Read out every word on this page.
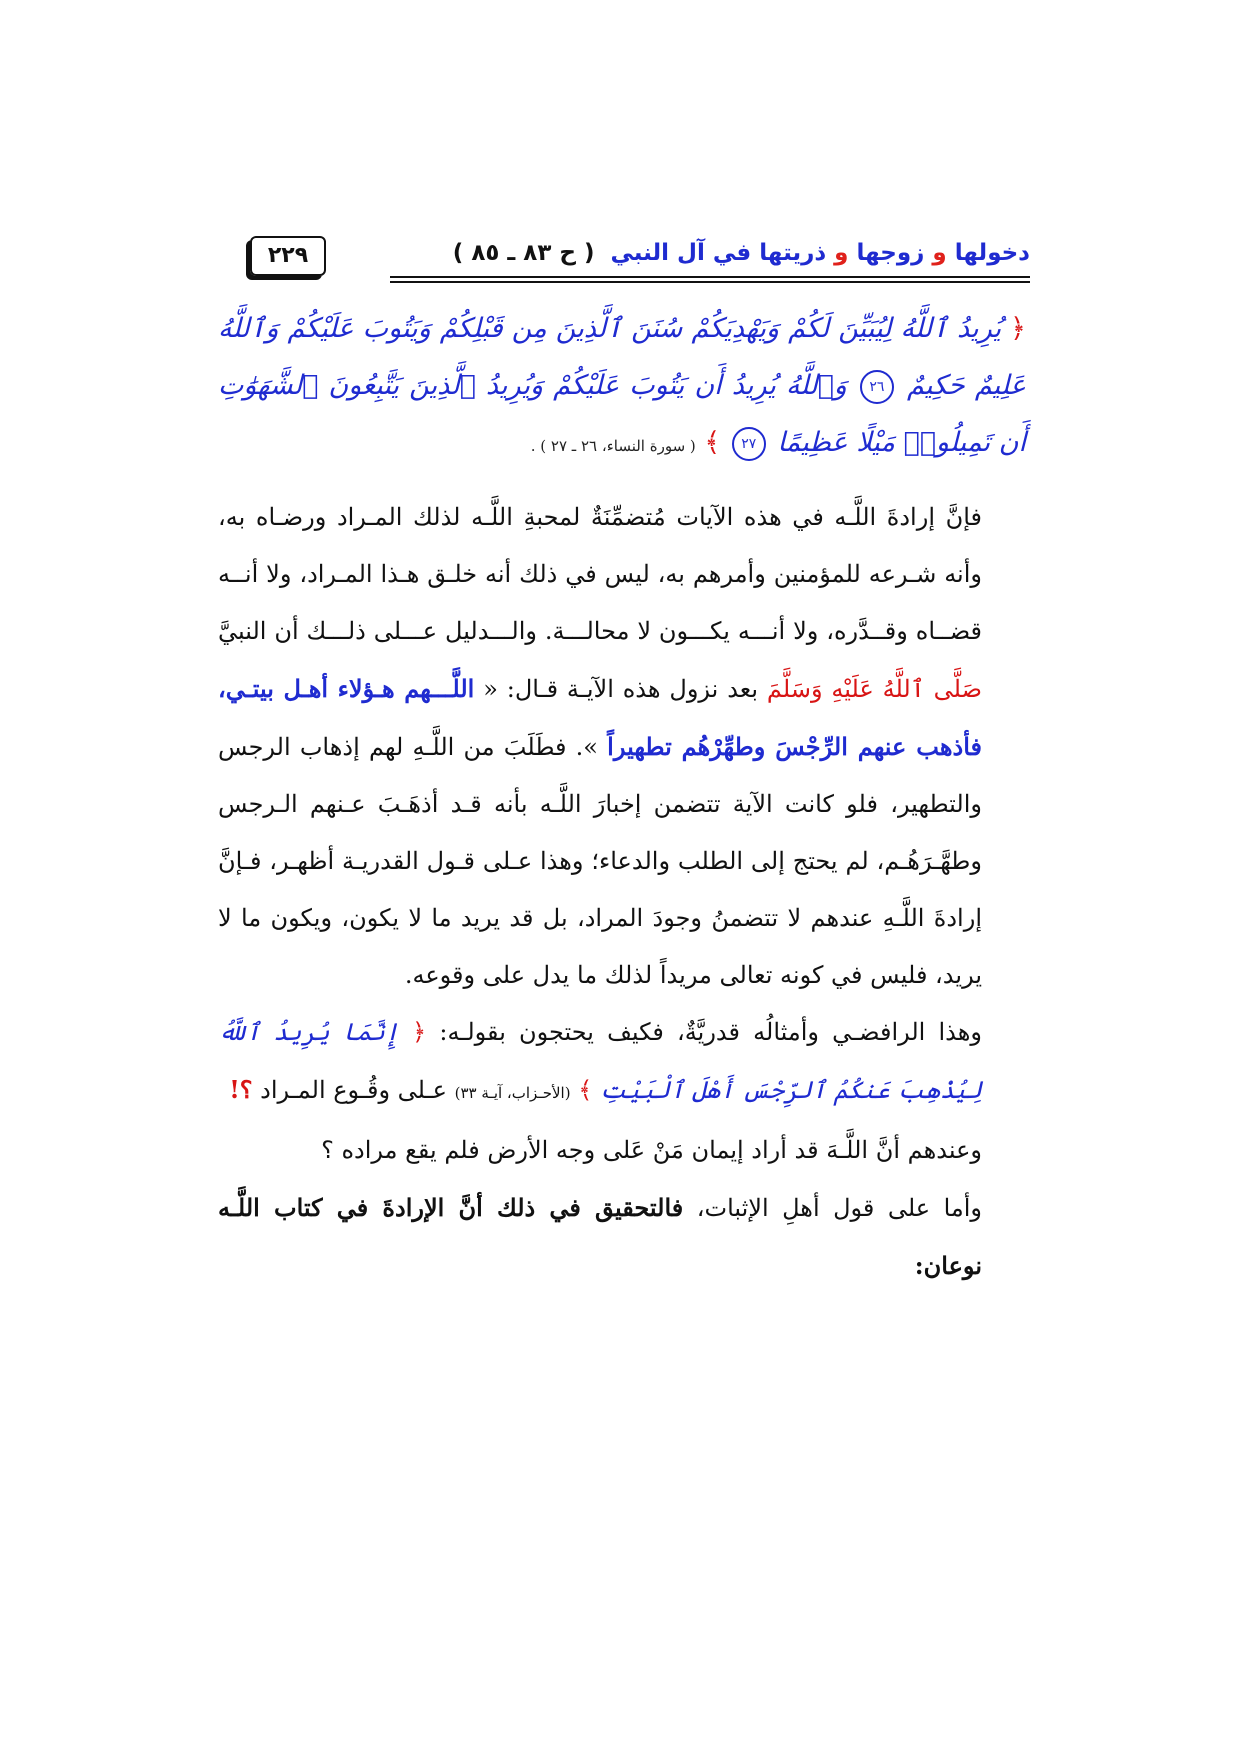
دخولها و زوجها و ذريتها في آل النبي ( ح ٨٣ ـ ٨٥ )
٢٢٩
﴿ يُرِيدُ ٱللَّهُ لِيُبَيِّنَ لَكُمْ وَيَهْدِيَكُمْ سُنَنَ ٱلَّذِينَ مِن قَبْلِكُمْ وَيَتُوبَ عَلَيْكُمْ وَٱللَّهُ عَلِيمٌ حَكِيمٌ ٢٦ وَٱللَّهُ يُرِيدُ أَن يَتُوبَ عَلَيْكُمْ وَيُرِيدُ ٱلَّذِينَ يَتَّبِعُونَ ٱلشَّهَوَٰتِ أَن تَمِيلُوا۟ مَيْلًا عَظِيمًا ٢٧ ﴾ ( سورة النساء، ٢٦ ـ ٢٧ ) .

فإنَّ إرادةَ اللَّـه في هذه الآيات مُتضمِّنَةٌ لمحبةِ اللَّـه لذلك المـراد ورضـاه به، وأنه شـرعه للمؤمنين وأمرهم به، ليس في ذلك أنه خلـق هـذا المـراد، ولا أنــه قضــاه وقــدَّره، ولا أنـــه يكـــون لا محالـــة. والـــدليل عـــلى ذلـــك أن النبيَّ صَلَّى ٱللَّهُ عَلَيْهِ وَسَلَّمَ بعد نزول هذه الآيـة قـال: « اللَّـــهم هـؤلاء أهـل بيتـي، فأذهب عنهم الرِّجْسَ وطهِّرْهُم تطهيراً ». فطَلَبَ من اللَّـهِ لهم إذهاب الرجس والتطهير، فلو كانت الآية تتضمن إخبارَ اللَّـه بأنه قـد أذهَـبَ عـنهم الـرجس وطهَّـرَهُـم، لم يحتج إلى الطلب والدعاء؛ وهذا عـلى قـول القدريـة أظهـر، فـإنَّ إرادةَ اللَّـهِ عندهم لا تتضمنُ وجودَ المراد، بل قد يريد ما لا يكون، ويكون ما لا يريد، فليس في كونه تعالى مريداً لذلك ما يدل على وقوعه.

وهذا الرافضـي وأمثالُه قدريَّةٌ، فكيف يحتجون بقولـه: ﴿ إِنَّمَا يُرِيدُ ٱللَّهُ لِيُذْهِبَ عَنكُمُ ٱلرِّجْسَ أَهْلَ ٱلْبَيْتِ ﴾ (الأحـزاب، آيـة ٣٣) عـلى وقُـوع المـراد ؟!
وعندهم أنَّ اللَّـهَ قد أراد إيمان مَنْ عَلى وجه الأرض فلم يقع مراده ؟

وأما على قول أهلِ الإثبات، فالتحقيق في ذلك أنَّ الإرادةَ في كتاب اللَّـه نوعان:
